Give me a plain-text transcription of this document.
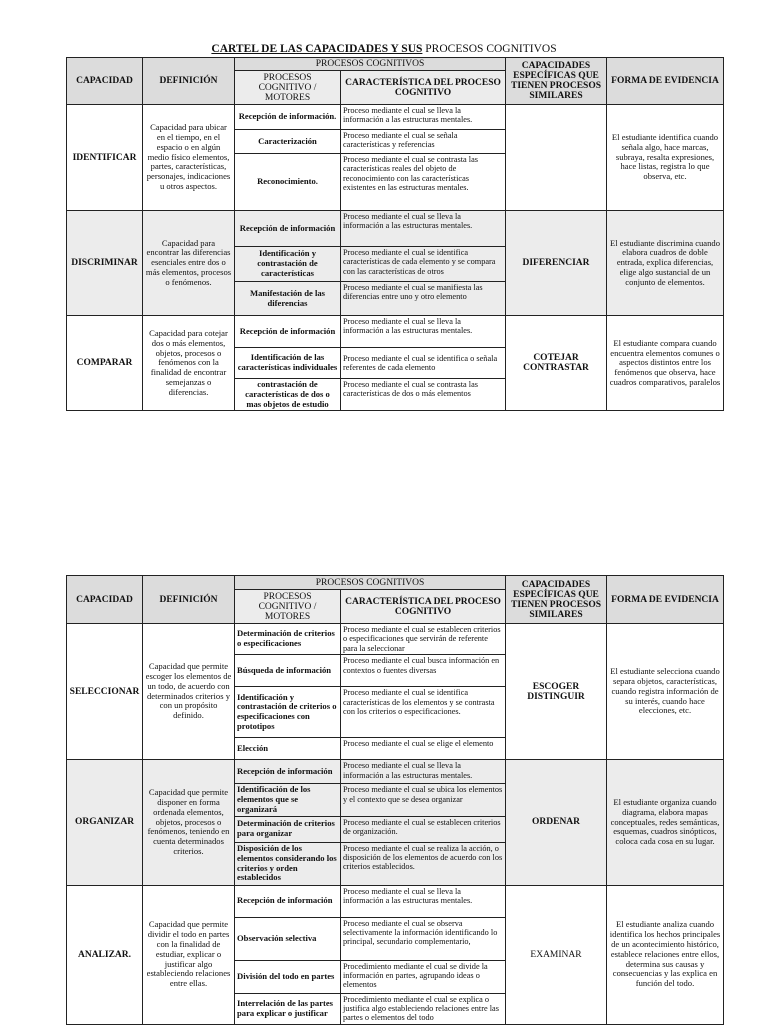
CARTEL DE LAS CAPACIDADES Y SUS PROCESOS COGNITIVOS
CAPACIDAD	DEFINICIÓN	PROCESOS COGNITIVOS		CAPACIDADES ESPECÍFICAS QUE TIENEN PROCESOS SIMILARES	FORMA DE EVIDENCIA
		PROCESOS COGNITIVO / MOTORES	CARACTERÍSTICA DEL PROCESO COGNITIVO		
IDENTIFICAR	Capacidad para ubicar en el tiempo, en el espacio o en algún medio físico elementos, partes, características, personajes, indicaciones u otros aspectos.	Recepción de información.	Proceso mediante el cual se lleva la información a las estructuras mentales.		El estudiante identifica cuando señala algo, hace marcas, subraya, resalta expresiones, hace listas, registra lo que observa, etc.
		Caracterización	Proceso mediante el cual se señala características y referencias		
		Reconocimiento.	Proceso mediante el cual se contrasta las características reales del objeto de reconocimiento con las características existentes en las estructuras mentales.		
DISCRIMINAR	Capacidad para encontrar las diferencias esenciales entre dos o más elementos, procesos o fenómenos.	Recepción de información	Proceso mediante el cual se lleva la información a las estructuras mentales.	DIFERENCIAR	El estudiante discrimina cuando elabora cuadros de doble entrada, explica diferencias, elige algo sustancial de un conjunto de elementos.
		Identificación y contrastación de características	Proceso mediante el cual se identifica características de cada elemento y se compara con las características de otros		
		Manifestación de las diferencias	Proceso mediante el cual se manifiesta las diferencias entre uno y otro elemento		
COMPARAR	Capacidad para cotejar dos o más elementos, objetos, procesos o fenómenos con la finalidad de encontrar semejanzas o diferencias.	Recepción de información	Proceso mediante el cual se lleva la información a las estructuras mentales.	COTEJAR CONTRASTAR	El estudiante compara cuando encuentra elementos comunes o aspectos distintos entre los fenómenos que observa, hace cuadros comparativos, paralelos
		Identificación de las características individuales	Proceso mediante el cual se identifica o señala referentes de cada elemento		
		contrastación de características de dos o mas objetos de estudio	Proceso mediante el cual se contrasta las características de dos o más elementos		
CAPACIDAD	DEFINICIÓN	PROCESOS COGNITIVOS		CAPACIDADES ESPECÍFICAS QUE TIENEN PROCESOS SIMILARES	FORMA DE EVIDENCIA
		PROCESOS COGNITIVO / MOTORES	CARACTERÍSTICA DEL PROCESO COGNITIVO		
SELECCIONAR	Capacidad que permite escoger los elementos de un todo, de acuerdo con determinados criterios y con un propósito definido.	Determinación de criterios o especificaciones	Proceso mediante el cual se establecen criterios o especificaciones que servirán de referente para la seleccionar	ESCOGER DISTINGUIR	El estudiante selecciona cuando separa objetos, características, cuando registra información de su interés, cuando hace elecciones, etc.
		Búsqueda de información	Proceso mediante el cual busca información en contextos o fuentes diversas		
		Identificación y contrastación de criterios o especificaciones con prototipos	Proceso mediante el cual se identifica características de los elementos y se contrasta con los criterios o especificaciones.		
		Elección	Proceso mediante el cual se elige el elemento		
ORGANIZAR	Capacidad que permite disponer en forma ordenada elementos, objetos, procesos o fenómenos, teniendo en cuenta determinados criterios.	Recepción de información	Proceso mediante el cual se lleva la información a las estructuras mentales.	ORDENAR	El estudiante organiza cuando diagrama, elabora mapas conceptuales, redes semánticas, esquemas, cuadros sinópticos, coloca cada cosa en su lugar.
		Identificación de los elementos que se organizará	Proceso mediante el cual se ubica los elementos y el contexto que se desea organizar		
		Determinación de criterios para organizar	Proceso mediante el cual se establecen criterios de organización.		
		Disposición de los elementos considerando los criterios y orden establecidos	Proceso mediante el cual se realiza la acción, o disposición de los elementos de acuerdo con los criterios establecidos.		
ANALIZAR.	Capacidad que permite dividir el todo en partes con la finalidad de estudiar, explicar o justificar algo estableciendo relaciones entre ellas.	Recepción de información	Proceso mediante el cual se lleva la información a las estructuras mentales.	EXAMINAR	El estudiante analiza cuando identifica los hechos principales de un acontecimiento histórico, establece relaciones entre ellos, determina sus causas y consecuencias y las explica en función del todo.
		Observación selectiva	Proceso mediante el cual se observa selectivamente la información identificando lo principal, secundario complementario,		
		División del todo en partes	Procedimiento mediante el cual se divide la información en partes, agrupando ideas o elementos		
		Interrelación de las partes para explicar o justificar	Procedimiento mediante el cual se explica o justifica algo estableciendo relaciones entre las partes o elementos del todo		
